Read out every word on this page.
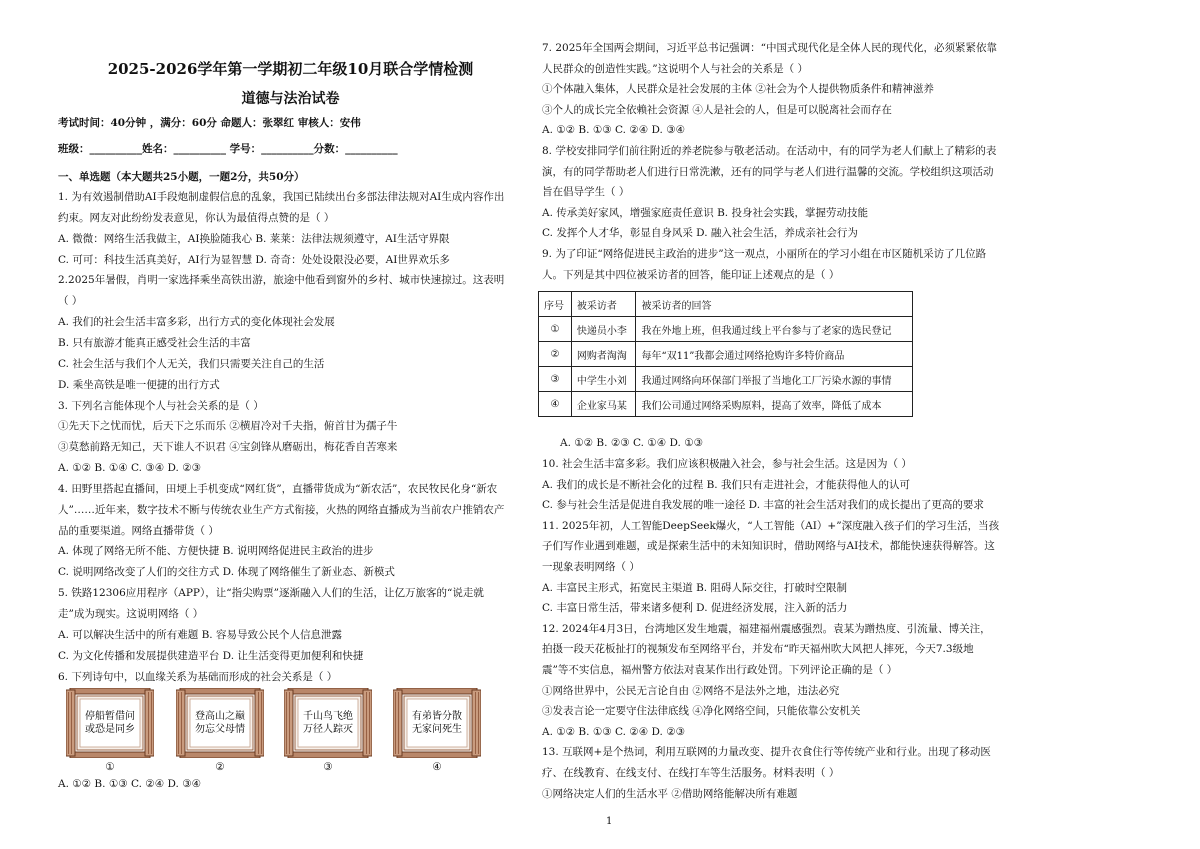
2025-2026学年第一学期初二年级10月联合学情检测
道德与法治试卷
考试时间：40分钟 ，满分：60分 命题人：张翠红 审核人：安伟
班级：__________姓名：__________ 学号：__________分数：__________
一、单选题（本大题共25小题，一题2分，共50分）
1. 为有效遏制借助AI手段炮制虚假信息的乱象，我国已陆续出台多部法律法规对AI生成内容作出
约束。网友对此纷纷发表意见，你认为最值得点赞的是（ ）
A. 微微：网络生活我做主，AI换脸随我心 B. 莱莱：法律法规须遵守，AI生活守界限
C. 可可：科技生活真美好，AI行为显智慧 D. 奇奇：处处设限没必要，AI世界欢乐多
2.2025年暑假，肖明一家选择乘坐高铁出游，旅途中他看到窗外的乡村、城市快速掠过。这表明
（ ）
A. 我们的社会生活丰富多彩，出行方式的变化体现社会发展
B. 只有旅游才能真正感受社会生活的丰富
C. 社会生活与我们个人无关，我们只需要关注自己的生活
D. 乘坐高铁是唯一便捷的出行方式
3. 下列名言能体现个人与社会关系的是（ ）
①先天下之忧而忧，后天下之乐而乐 ②横眉冷对千夫指，俯首甘为孺子牛
③莫愁前路无知己，天下谁人不识君 ④宝剑锋从磨砺出，梅花香自苦寒来
A. ①② B. ①④ C. ③④ D. ②③
4. 田野里搭起直播间，田埂上手机变成“网红货”，直播带货成为“新农活”，农民牧民化身“新农
人”……近年来，数字技术不断与传统农业生产方式衔接，火热的网络直播成为当前农户推销农产
品的重要渠道。网络直播带货（ ）
A. 体现了网络无所不能、方便快捷 B. 说明网络促进民主政治的进步
C. 说明网络改变了人们的交往方式 D. 体现了网络催生了新业态、新模式
5. 铁路12306应用程序（APP），让“指尖购票”逐渐融入人们的生活，让亿万旅客的“说走就
走”成为现实。这说明网络（ ）
A. 可以解决生活中的所有难题 B. 容易导致公民个人信息泄露
C. 为文化传播和发展提供建造平台 D. 让生活变得更加便利和快捷
6. 下列诗句中，以血缘关系为基础而形成的社会关系是（ ）
停船暂借问
或恐是同乡
①
登高山之巅
勿忘父母情
②
千山鸟飞绝
万径人踪灭
③
有弟皆分散
无家问死生
④
A. ①② B. ①③ C. ②④ D. ③④
7. 2025年全国两会期间，习近平总书记强调：“中国式现代化是全体人民的现代化，必须紧紧依靠
人民群众的创造性实践。”这说明个人与社会的关系是（ ）
①个体融入集体，人民群众是社会发展的主体 ②社会为个人提供物质条件和精神滋养
③个人的成长完全依赖社会资源 ④人是社会的人，但是可以脱离社会而存在
A. ①② B. ①③ C. ②④ D. ③④
8. 学校安排同学们前往附近的养老院参与敬老活动。在活动中，有的同学为老人们献上了精彩的表
演，有的同学帮助老人们进行日常洗漱，还有的同学与老人们进行温馨的交流。学校组织这项活动
旨在倡导学生（ ）
A. 传承美好家风，增强家庭责任意识 B. 投身社会实践，掌握劳动技能
C. 发挥个人才华，彰显自身风采 D. 融入社会生活，养成亲社会行为
9. 为了印证“网络促进民主政治的进步”这一观点，小丽所在的学习小组在市区随机采访了几位路
人。下列是其中四位被采访者的回答，能印证上述观点的是（ ）
序号	被采访者	被采访者的回答
①	快递员小李	我在外地上班，但我通过线上平台参与了老家的选民登记
②	网购者淘淘	每年“双11”我都会通过网络抢购许多特价商品
③	中学生小刘	我通过网络向环保部门举报了当地化工厂污染水源的事情
④	企业家马某	我们公司通过网络采购原料，提高了效率，降低了成本
A. ①② B. ②③ C. ①④ D. ①③
10. 社会生活丰富多彩。我们应该积极融入社会，参与社会生活。这是因为（ ）
A. 我们的成长是不断社会化的过程 B. 我们只有走进社会，才能获得他人的认可
C. 参与社会生活是促进自我发展的唯一途径 D. 丰富的社会生活对我们的成长提出了更高的要求
11. 2025年初，人工智能DeepSeek爆火，“人工智能（AI）+”深度融入孩子们的学习生活，当孩
子们写作业遇到难题，或是探索生活中的未知知识时，借助网络与AI技术，都能快速获得解答。这
一现象表明网络（ ）
A. 丰富民主形式，拓宽民主渠道 B. 阻碍人际交往，打破时空限制
C. 丰富日常生活，带来诸多便利 D. 促进经济发展，注入新的活力
12. 2024年4月3日，台湾地区发生地震，福建福州震感强烈。袁某为蹭热度、引流量、博关注，
拍摄一段天花板扯打的视频发布至网络平台，并发布“昨天福州吹大风把人摔死，今天7.3级地
震”等不实信息，福州警方依法对袁某作出行政处罚。下列评论正确的是（ ）
①网络世界中，公民无言论自由 ②网络不是法外之地，违法必究
③发表言论一定要守住法律底线 ④净化网络空间，只能依靠公安机关
A. ①② B. ①③ C. ②④ D. ②③
13. 互联网+是个热词，利用互联网的力量改变、提升衣食住行等传统产业和行业。出现了移动医
疗、在线教育、在线支付、在线打车等生活服务。材料表明（ ）
①网络决定人们的生活水平 ②借助网络能解决所有难题
1
